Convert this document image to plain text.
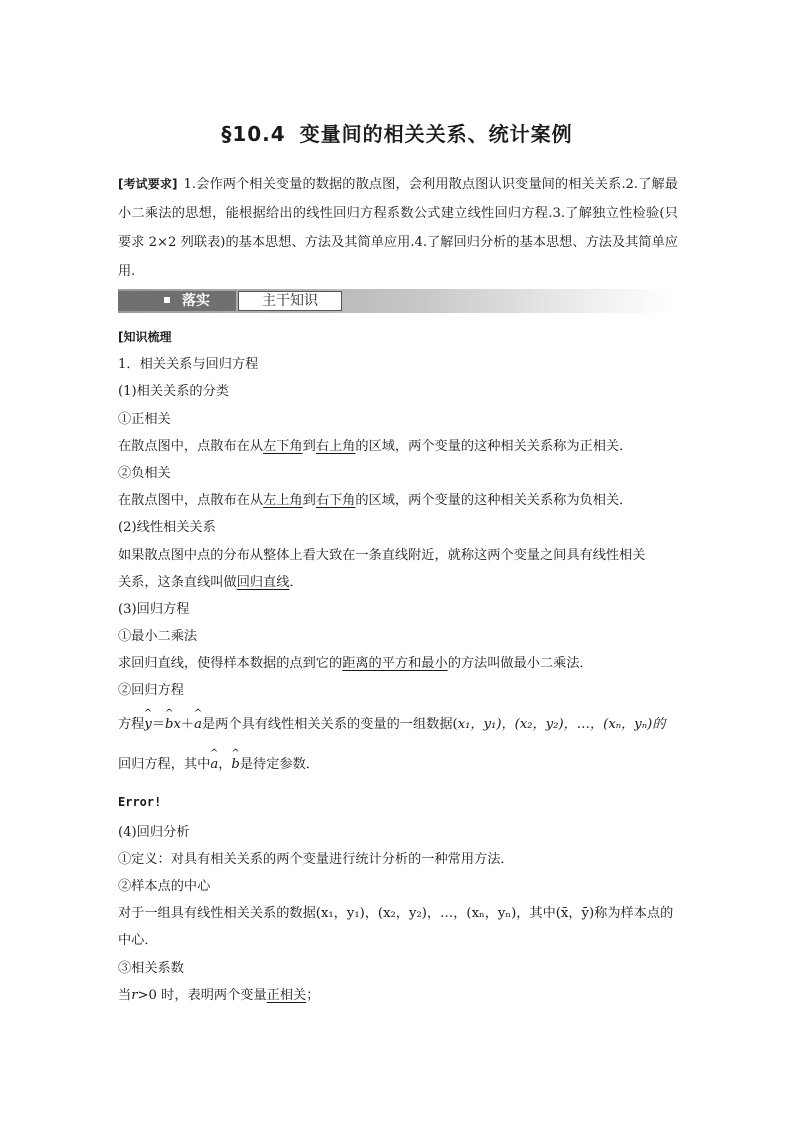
§10.4 变量间的相关关系、统计案例
[考试要求] 1.会作两个相关变量的数据的散点图，会利用散点图认识变量间的相关关系.2.了解最小二乘法的思想，能根据给出的线性回归方程系数公式建立线性回归方程.3.了解独立性检验(只要求 2×2 列联表)的基本思想、方法及其简单应用.4.了解回归分析的基本思想、方法及其简单应用.
落实	主干知识
[知识梳理
1．相关关系与回归方程
(1)相关关系的分类
①正相关
在散点图中，点散布在从左下角到右上角的区域，两个变量的这种相关关系称为正相关．
②负相关
在散点图中，点散布在从左上角到右下角的区域，两个变量的这种相关关系称为负相关．
(2)线性相关关系
如果散点图中点的分布从整体上看大致在一条直线附近，就称这两个变量之间具有线性相关
关系，这条直线叫做回归直线．
(3)回归方程
①最小二乘法
求回归直线，使得样本数据的点到它的距离的平方和最小的方法叫做最小二乘法．
②回归方程
方程^ y＝^ bx＋^ a是两个具有线性相关关系的变量的一组数据(x₁，y₁)，(x₂，y₂)，…，(xₙ，yₙ)的
回归方程，其中^ a，^ b是待定参数．
Error!
(4)回归分析
①定义：对具有相关关系的两个变量进行统计分析的一种常用方法．
②样本点的中心
对于一组具有线性相关关系的数据(x₁，y₁)，(x₂，y₂)，…，(xₙ，yₙ)，其中(x̄，ȳ)称为样本点的
中心．
③相关系数
当r>0 时，表明两个变量正相关；
